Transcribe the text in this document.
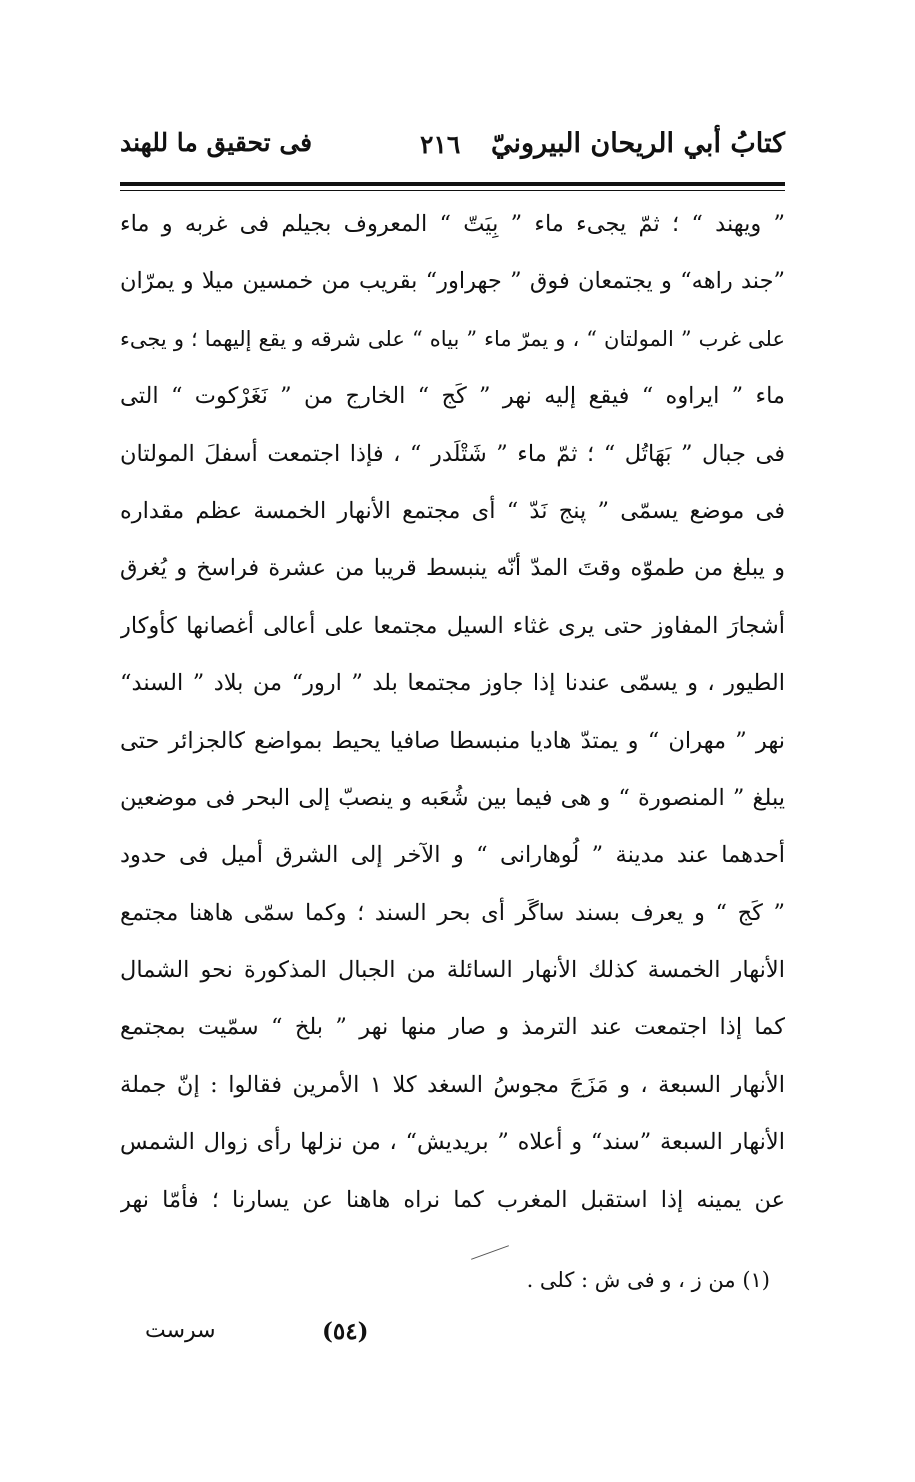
كتابُ أبي الريحان البيرونيّ
٢١٦
فى تحقيق ما للهند
” ويهند “ ؛ ثمّ يجىء ماء ” بِيَتّ “ المعروف بجيلم فى غربه و ماء
”جند راهه“ و يجتمعان فوق ” جهراور“ بقريب من خمسين ميلا و يمرّان
على غرب ” المولتان “ ، و يمرّ ماء ” بياه “ على شرقه و يقع إليهما ؛ و يجىء
ماء ” ايراوه “ فيقع إليه نهر ” كَج “ الخارج من ” نَغَرْكوت “ التى
فى جبال ” بَهَاتُل “ ؛ ثمّ ماء ” شَتْلَدر “ ، فإذا اجتمعت أسفلَ المولتان
فى موضع يسمّى ” پنج نَدّ “ أى مجتمع الأنهار الخمسة عظم مقداره
و يبلغ من طموّه وقتَ المدّ أنّه ينبسط قريبا من عشرة فراسخ و يُغرق
أشجارَ المفاوز حتى يرى غثاء السيل مجتمعا على أعالى أغصانها كأوكار
الطيور ، و يسمّى عندنا إذا جاوز مجتمعا بلد ” ارور“ من بلاد ” السند“
نهر ” مهران “ و يمتدّ هاديا منبسطا صافيا يحيط بمواضع كالجزائر حتى
يبلغ ” المنصورة “ و هى فيما بين شُعَبه و ينصبّ إلى البحر فى موضعين
أحدهما عند مدينة ” لُوهارانى “ و الآخر إلى الشرق أميل فى حدود
” كَج “ و يعرف بسند ساگَر أى بحر السند ؛ وكما سمّى هاهنا مجتمع
الأنهار الخمسة كذلك الأنهار السائلة من الجبال المذكورة نحو الشمال
كما إذا اجتمعت عند الترمذ و صار منها نهر ” بلخ “ سمّيت بمجتمع
الأنهار السبعة ، و مَزَجَ مجوسُ السغد كلا ١ الأمرين فقالوا : إنّ جملة
الأنهار السبعة ”سند“ و أعلاه ” بريديش“ ، من نزلها رأى زوال الشمس
عن يمينه إذا استقبل المغرب كما نراه هاهنا عن يسارنا ؛ فأمّا نهر
(١) من ز ، و فى ش : كلى .
(٥٤)
سرست
